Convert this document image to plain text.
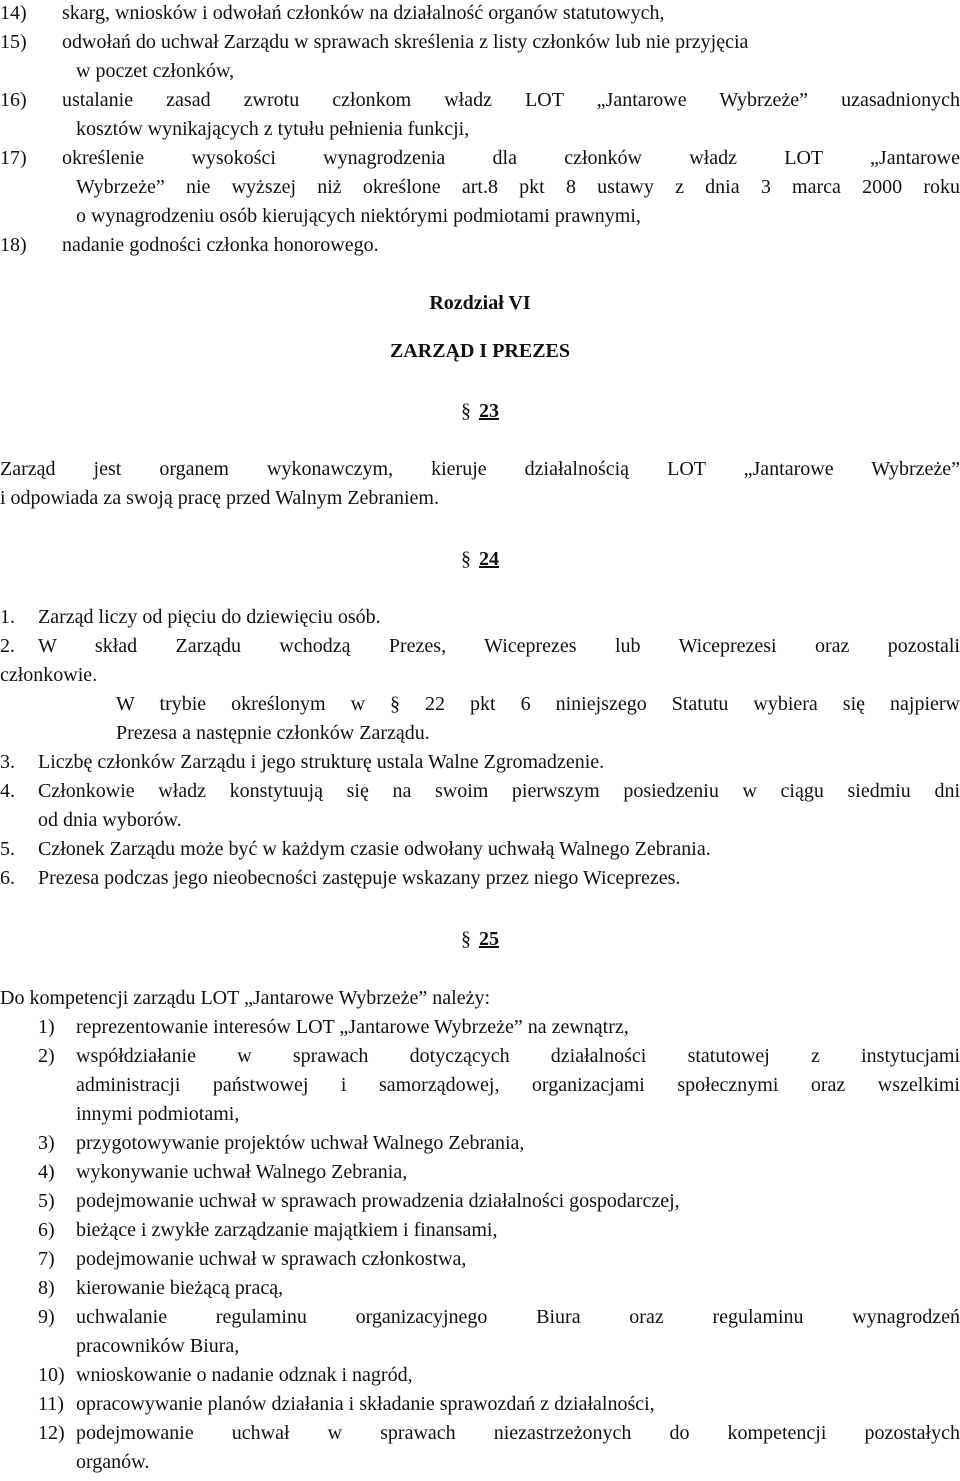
14) skarg, wniosków i odwołań członków na działalność organów statutowych,
15) odwołań do uchwał Zarządu w sprawach skreślenia z listy członków lub nie przyjęcia
w poczet członków,
16) ustalanie zasad zwrotu członkom władz LOT „Jantarowe Wybrzeże” uzasadnionych
kosztów wynikających z tytułu pełnienia funkcji,
17) określenie wysokości wynagrodzenia dla członków władz LOT „Jantarowe
Wybrzeże” nie wyższej niż określone art.8 pkt 8 ustawy z dnia 3 marca 2000 roku
o wynagrodzeniu osób kierujących niektórymi podmiotami prawnymi,
18) nadanie godności członka honorowego.
Rozdział VI
ZARZĄD I PREZES
§ 23
Zarząd jest organem wykonawczym, kieruje działalnością LOT „Jantarowe Wybrzeże”
i odpowiada za swoją pracę przed Walnym Zebraniem.
§ 24
1. Zarząd liczy od pięciu do dziewięciu osób.
2. W skład Zarządu wchodzą Prezes, Wiceprezes lub Wiceprezesi oraz pozostali
członkowie.
W trybie określonym w § 22 pkt 6 niniejszego Statutu wybiera się najpierw
Prezesa a następnie członków Zarządu.
3. Liczbę członków Zarządu i jego strukturę ustala Walne Zgromadzenie.
4. Członkowie władz konstytuują się na swoim pierwszym posiedzeniu w ciągu siedmiu dni
od dnia wyborów.
5. Członek Zarządu może być w każdym czasie odwołany uchwałą Walnego Zebrania.
6. Prezesa podczas jego nieobecności zastępuje wskazany przez niego Wiceprezes.
§ 25
Do kompetencji zarządu LOT „Jantarowe Wybrzeże” należy:
1) reprezentowanie interesów LOT „Jantarowe Wybrzeże” na zewnątrz,
2) współdziałanie w sprawach dotyczących działalności statutowej z instytucjami
administracji państwowej i samorządowej, organizacjami społecznymi oraz wszelkimi
innymi podmiotami,
3) przygotowywanie projektów uchwał Walnego Zebrania,
4) wykonywanie uchwał Walnego Zebrania,
5) podejmowanie uchwał w sprawach prowadzenia działalności gospodarczej,
6) bieżące i zwykłe zarządzanie majątkiem i finansami,
7) podejmowanie uchwał w sprawach członkostwa,
8) kierowanie bieżącą pracą,
9) uchwalanie regulaminu organizacyjnego Biura oraz regulaminu wynagrodzeń
pracowników Biura,
10) wnioskowanie o nadanie odznak i nagród,
11) opracowywanie planów działania i składanie sprawozdań z działalności,
12) podejmowanie uchwał w sprawach niezastrzeżonych do kompetencji pozostałych
organów.
